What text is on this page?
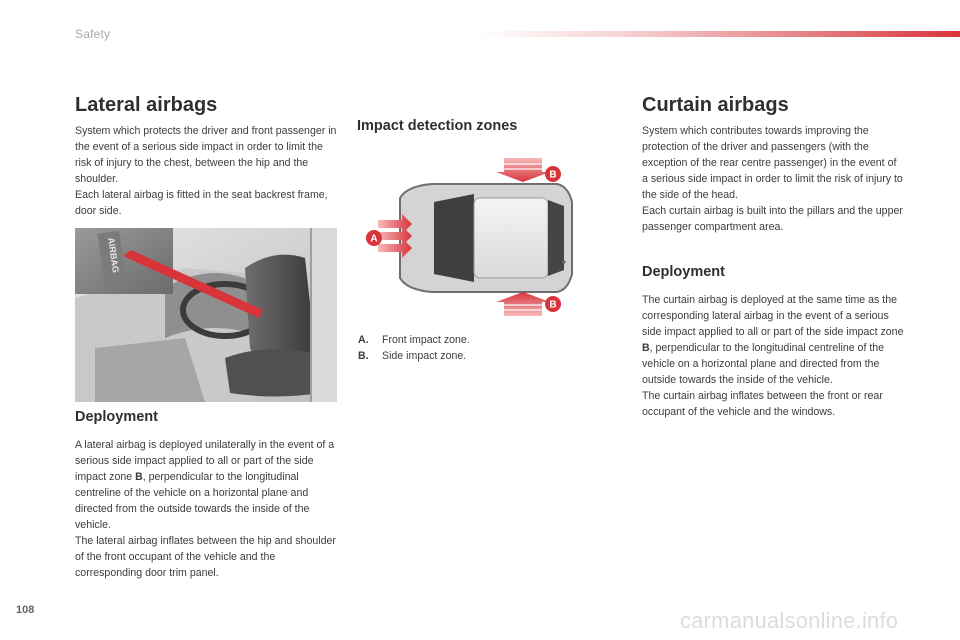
Safety
Lateral airbags

System which protects the driver and front passenger in the event of a serious side impact in order to limit the risk of injury to the chest, between the hip and the shoulder.

Each lateral airbag is fitted in the seat backrest frame, door side.

AIRBAG
Deployment

A lateral airbag is deployed unilaterally in the event of a serious side impact applied to all or part of the side impact zone B, perpendicular to the longitudinal centreline of the vehicle on a horizontal plane and directed from the outside towards the inside of the vehicle.

The lateral airbag inflates between the hip and shoulder of the front occupant of the vehicle and the corresponding door trim panel.

Impact detection zones
A
B
B
A.	Front impact zone.
B.	Side impact zone.
Curtain airbags

System which contributes towards improving the protection of the driver and passengers (with the exception of the rear centre passenger) in the event of a serious side impact in order to limit the risk of injury to the side of the head.

Each curtain airbag is built into the pillars and the upper passenger compartment area.

Deployment

The curtain airbag is deployed at the same time as the corresponding lateral airbag in the event of a serious side impact applied to all or part of the side impact zone B, perpendicular to the longitudinal centreline of the vehicle on a horizontal plane and directed from the outside towards the inside of the vehicle.

The curtain airbag inflates between the front or rear occupant of the vehicle and the windows.

108	carmanualsonline.info
